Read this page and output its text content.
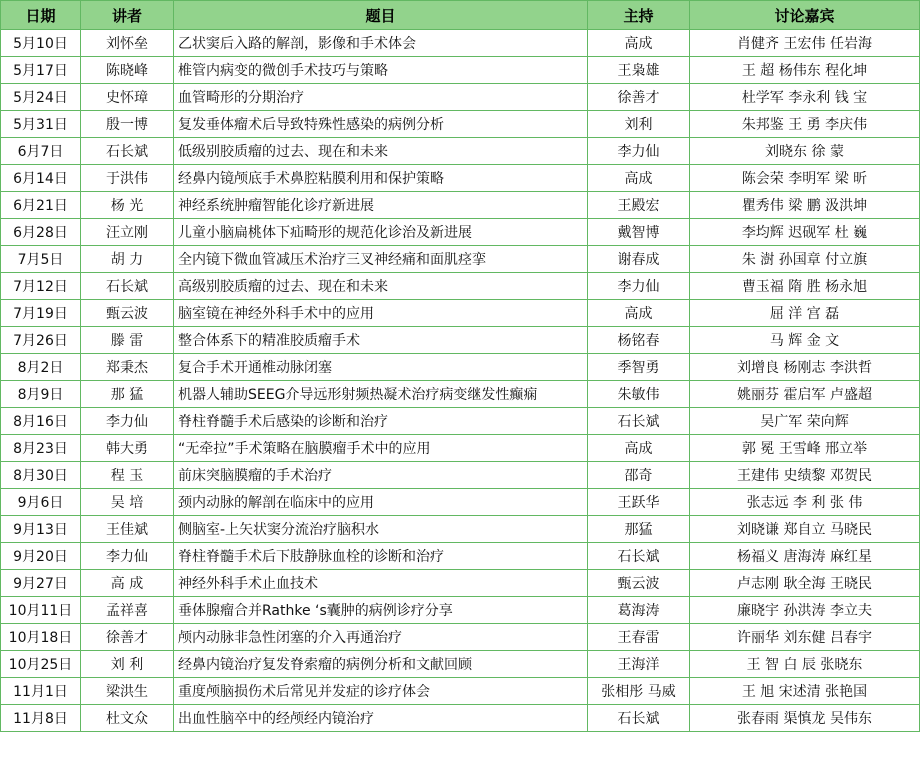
日期	讲者	题目	主持	讨论嘉宾
5月10日	刘怀垒	乙状窦后入路的解剖，影像和手术体会	高成	肖健齐 王宏伟 任岩海
5月17日	陈晓峰	椎管内病变的微创手术技巧与策略	王枭雄	王 超 杨伟东 程化坤
5月24日	史怀璋	血管畸形的分期治疗	徐善才	杜学军 李永利 钱 宝
5月31日	殷一博	复发垂体瘤术后导致特殊性感染的病例分析	刘利	朱邦鉴 王 勇 李庆伟
6月7日	石长斌	低级别胶质瘤的过去、现在和未来	李力仙	刘晓东 徐 蒙
6月14日	于洪伟	经鼻内镜颅底手术鼻腔粘膜利用和保护策略	高成	陈会荣 李明军 梁 昕
6月21日	杨 光	神经系统肿瘤智能化诊疗新进展	王殿宏	瞿秀伟 梁 鹏 汲洪坤
6月28日	汪立刚	儿童小脑扁桃体下疝畸形的规范化诊治及新进展	戴智博	李均辉 迟砚军 杜 巍
7月5日	胡 力	全内镜下微血管减压术治疗三叉神经痛和面肌痉挛	谢春成	朱 澍 孙国章 付立旗
7月12日	石长斌	高级别胶质瘤的过去、现在和未来	李力仙	曹玉福 隋 胜 杨永旭
7月19日	甄云波	脑室镜在神经外科手术中的应用	高成	屈 洋 宫 磊
7月26日	滕 雷	整合体系下的精准胶质瘤手术	杨铭春	马 辉 金 文
8月2日	郑秉杰	复合手术开通椎动脉闭塞	季智勇	刘增良 杨刚志 李洪哲
8月9日	那 猛	机器人辅助SEEG介导远形射频热凝术治疗病变继发性癫痫	朱敏伟	姚丽芬 霍启军 卢盛超
8月16日	李力仙	脊柱脊髓手术后感染的诊断和治疗	石长斌	吴广军 荣向辉
8月23日	韩大勇	“无牵拉”手术策略在脑膜瘤手术中的应用	高成	郭 冕 王雪峰 邢立举
8月30日	程 玉	前床突脑膜瘤的手术治疗	邵奇	王建伟 史绩黎 邓贺民
9月6日	吴 培	颈内动脉的解剖在临床中的应用	王跃华	张志远 李 利 张 伟
9月13日	王佳斌	侧脑室-上矢状窦分流治疗脑积水	那猛	刘晓谦 郑自立 马晓民
9月20日	李力仙	脊柱脊髓手术后下肢静脉血栓的诊断和治疗	石长斌	杨福义 唐海涛 麻红星
9月27日	高 成	神经外科手术止血技术	甄云波	卢志刚 耿全海 王晓民
10月11日	孟祥喜	垂体腺瘤合并Rathke ‘s囊肿的病例诊疗分享	葛海涛	廉晓宇 孙洪涛 李立夫
10月18日	徐善才	颅内动脉非急性闭塞的介入再通治疗	王春雷	许丽华 刘东健 吕春宇
10月25日	刘 利	经鼻内镜治疗复发脊索瘤的病例分析和文献回顾	王海洋	王 智 白 辰 张晓东
11月1日	梁洪生	重度颅脑损伤术后常见并发症的诊疗体会	张相彤 马威	王 旭 宋述清 张艳国
11月8日	杜文众	出血性脑卒中的经颅经内镜治疗	石长斌	张春雨 渠慎龙 吴伟东
